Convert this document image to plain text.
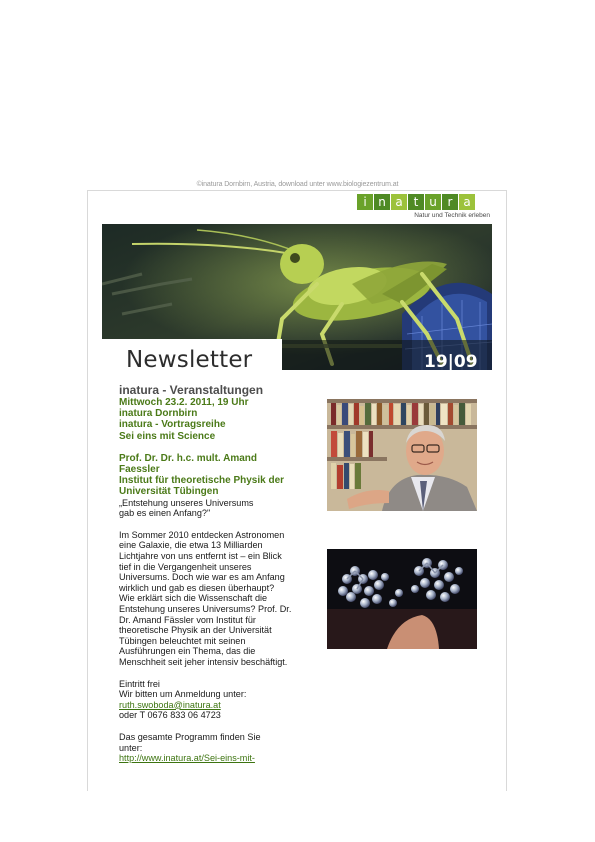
©inatura Dornbirn, Austria, download unter www.biologiezentrum.at
i n a t u r a
Natur und Technik erleben
Newsletter	19|09
inatura - Veranstaltungen
Mittwoch 23.2. 2011, 19 Uhr
inatura Dornbirn
inatura - Vortragsreihe
Sei eins mit Science
Prof. Dr. Dr. h.c. mult. Amand
Faessler
Institut für theoretische Physik der
Universität Tübingen
„Entstehung unseres Universums
gab es einen Anfang?"
Im Sommer 2010 entdecken Astronomen
eine Galaxie, die etwa 13 Milliarden
Lichtjahre von uns entfernt ist – ein Blick
tief in die Vergangenheit unseres
Universums. Doch wie war es am Anfang
wirklich und gab es diesen überhaupt?
Wie erklärt sich die Wissenschaft die
Entstehung unseres Universums? Prof. Dr.
Dr. Amand Fässler vom Institut für
theoretische Physik an der Universität
Tübingen beleuchtet mit seinen
Ausführungen ein Thema, das die
Menschheit seit jeher intensiv beschäftigt.
Eintritt frei
Wir bitten um Anmeldung unter:
ruth.swoboda@inatura.at
oder T 0676 833 06 4723
Das gesamte Programm finden Sie
unter:
http://www.inatura.at/Sei-eins-mit-
